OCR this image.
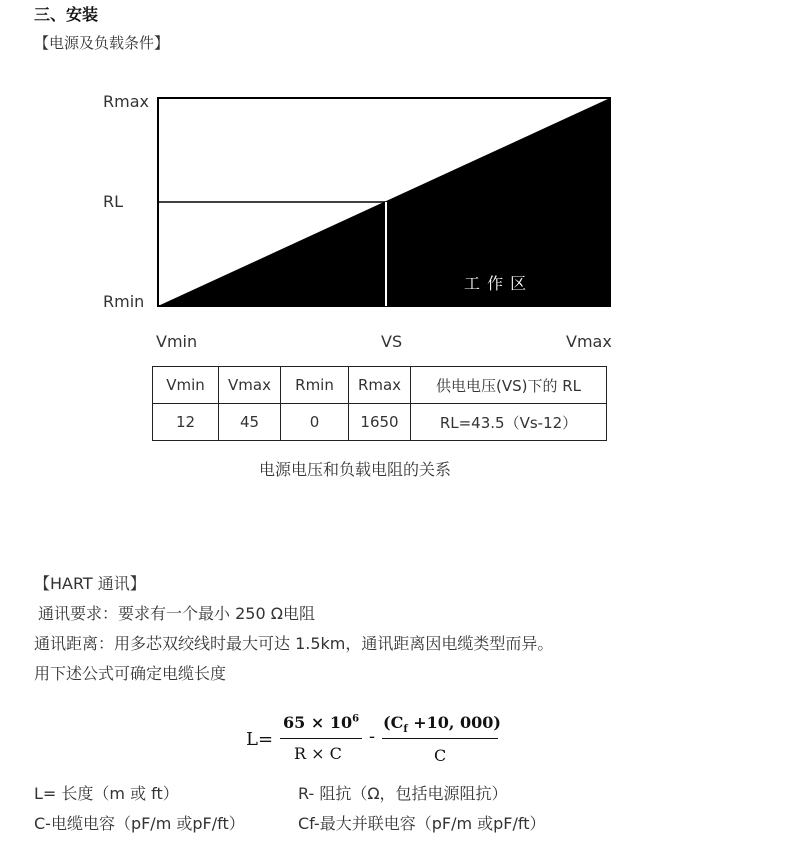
三、安装
【电源及负载条件】
Rmax
RL
Rmin
工 作 区
Vmin	VS	Vmax
Vmin	Vmax	Rmin	Rmax	供电电压(VS)下的 RL
12	45	0	1650	RL=43.5（Vs-12）
电源电压和负载电阻的关系
【HART 通讯】
通讯要求：要求有一个最小 250 Ω电阻
通讯距离：用多芯双绞线时最大可达 1.5km，通讯距离因电缆类型而异。
用下述公式可确定电缆长度
L=
$65 \times 10^6$
R × C
-
($C_f +10$, 000)
C
L= 长度（m 或 ft）	R- 阻抗（Ω，包括电源阻抗）
C-电缆电容（pF/m 或pF/ft）	Cf-最大并联电容（pF/m 或pF/ft）
